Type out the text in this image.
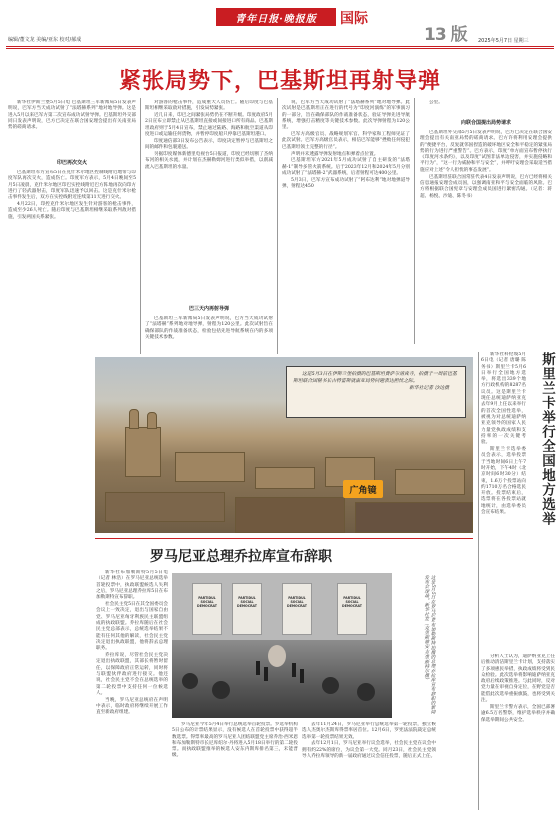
编辑/董文龙 美编/亚东 校对/郝成
青年日报·晚报版	国际
13 版 2025年5月7日 星期三
紧张局势下，巴基斯坦再射导弹

新华社伊斯兰堡5月5日电 巴基斯坦三军新闻局5日发表声明说，巴军方当天成功试射了“法塔赫系列”地对地导弹。这是进入5月以来巴军方第二次宣布成功试射导弹。巴基斯坦外交部同日发表声明说，巴方已决定在联合国安理会提出有关南亚局势的磋商请求。

印巴再次交火

巴基斯坦军方宣布5日在克什米尔地区控制线附近地带与印度军队再次交火，造成伤亡。印度军方表示，5月4日晚间至5月5日凌晨，克什米尔地区印巴实控线附近巴方阵地再次向印方进行了轻武器射击，印度军队迅速予以回击。这是克什米尔枪击事件发生后，双方在实控线附近连续第11天进行交火。

4月22日，印控克什米尔地区发生针对游客的枪击事件，造成至少26人死亡。随后印度与巴基斯坦相继采取系列敌对措施，引发两国关系紧张。

对游客的枪击事件，造成重大人员伤亡。随后印度与巴基斯坦相继采取敌对措施，引发局势紧张。

近几日来，印巴之间紧张局势仍在不断升级。印度政府5月2日宣布立即禁止从巴基斯坦直接或间接进口所有商品。巴基斯坦政府则于5月4日宣布，禁止通过陆路、海路和航空渠道从印度进口或运输任何货物，并暂停印度船只停靠巴基斯坦港口。

印度通信部3日发布公告表示，印度决定暂停与巴基斯坦之间的邮件和包裹递送。

另据印度媒体新德里电视台5日报道，印度已经切断了杰纳布河的相关水流，并计划在杰赫勒姆河进行类似举措，以削减流入巴基斯坦的水量。

巴三天内再射导弹

巴基斯坦三军新闻局5日发表声明说，巴方当天成功试射了“法塔赫”系列地对地导弹，射程为120公里。此次试射旨在确保部队的作战准备状态，检验包括先进导航系统在内的多项关键技术参数。

说，巴军方当天成功试射了“法塔赫系列”地对地导弹。此次试射是巴基斯坦正在进行的代号为“印度河演练”的军事演习的一部分，旨在确保部队的作战准备状态，验证导弹先进导航系统，增强打击精度等关键技术参数。此次导弹射程为120公里。

巴军方高级官员、战略规划军官、科学家和工程师见证了此次试射。巴军方高级官员表示，相信巴军能够“挫败任何侵犯巴基斯坦领土完整的行径”。

声明并未透露导弹发射地点和弹着点位置。

巴基斯坦军方2021年5月成功试射了自主研发的“法塔赫-1”制导多管火箭系统。后于2023年12月和2024年5月分别成功试射了“法塔赫-2”武器系统，后者射程可达400公里。

5月3日，巴军方宣布成功试射了“阿布达利”地对地弹道导弹，射程达450

公里。

向联合国提出局势请求

巴基斯坦外交部5月5日发表声明说，巴方已决定在联合国安理会提出有关南亚局势的磋商请求。巴方许将利用安理会提供的“便捷平台，反复就邻国捏造的破坏地区安全和平稳定的紧张局势的行为进行严重警告”。巴方表示，印度“单方面宣布暂停执行《印度河水条约》，以及印度”试图非法单边侵害，并实施侵略和平行为”，“这一行为威胁和平与安全”，并呼吁安理会采取适当措施应对上述“令人担忧的事态发展”。

巴基斯坦驻联合国常驻代表4日发表声明说，巴方已经将相关信息通报安理会成员国，以强调南亚和平与安全面临的风险。巴方将根据联合国宪章与安理会成员国进行紧密沟通。（记者：蒋超、杨悦、沙迪、陈冬书）

这是5月3日在伊斯兰堡拍摄的巴基斯坦费萨尔清真寺，拍摄于一周前巴基斯坦联合国秘书长古特雷斯就南亚局势问题表达担忧之际。
新华社记者 沙达摄
广角镜	斯里兰卡举行全国地方选举

新华社科伦坡5月6日电（记者 唐璐 陈务书）斯里兰卡5月6日举行全国地方选举，将选出339个地方行政机构的8287名议员。这是斯里兰卡现任总统迪萨纳亚克去年9月上任以来举行的首次全国性选举，被视为对总统迪萨纳亚克领导的国家人民力量党执政成绩和支持率的一次关键考验。

斯里兰卡选举委员会表示，选举投票于当地时间6日上午7时开始，下午4时（北京时间6时30分）结束，1.6万个投票站向约1710万名合格选民开放。投票结束后，选票将在各投票站就地统计，由选举委员会宣布结果。

分析人士认为，迪萨纳亚克上任后推动清洁斯里兰卡计划，支持落实了多项惠民举措，执政成绩将受到民众检验。此次选举将影响迪萨纳亚克政府后续政策推进。与此同时，反对党力量在审视自身定位，在野党是否能借此次选举重振旗鼓，也将受到关注。

斯里兰卡警方表示，全国已部署逾6.5万名警察，维护选举秩序并确保选举期间公共安全。

罗马尼亚总理乔拉库宣布辞职

新华社布加勒斯特5月5日电（记者 林浩）在罗马尼亚总统选举首轮投票中，执政联盟候选人失利之后，罗马尼亚总理乔拉库5日在布加勒斯特宣布辞职。

社会民主党5日在其全国委员会会议上一致决定，退出与国家自由党、罗马尼亚匈牙利族民主联盟组成的执政联盟。乔拉库随后在社会民主党总部表示，总统选举结果不能有任何其他的解读，社会民主党决定退出执政联盟，他将辞去总理职务。

乔拉库说，尽管社会民主党决定退出执政联盟，其部长将暂时留任，以保障政府正常运转，同时将与联盟伙伴政府进行接交。他还说，社会民主党不会在总统选举的第二轮投票中支持任何一位候选人。

当晚，罗马尼亚总统府在声明中表示，临时政府将继续开展工作直至新政府组建。

PARTIDUL SOCIAL DEMOCRAT
PARTIDUL SOCIAL DEMOCRAT
PARTIDUL SOCIAL DEMOCRAT
PARTIDUL SOCIAL DEMOCRAT	这是5月5日在罗马尼亚布加勒斯特拍摄的总理乔拉库宣布辞职的新闻发布会现场。新华社发（克里斯蒂安·克里斯特尔摄）

罗马尼亚今年5月4日举行总统选举首轮投票。罗选举机构5日公布的计票结果显示，没有候选人在首轮投票中获得超半数选票。得票率最高的罗马尼亚人团结联盟党主席乔治·西米恩和布加勒斯特市长尼库绍尔·丹将进入5月18日举行的第二轮投票。而执政联盟推举的候选人安东内斯库排名第三，未能晋级。

去年11月24日，罗马尼亚举行总统选举第一轮投票，独立候选人杰奥尔杰斯库得票率居首位。12月6日，罗宪法法院裁定总统选举第一轮投票结果无效。

去年12月1日，罗马尼亚举行议会选举，社会民主党在议会中拥有约22%的席位，为议会第一大党。同月23日，社会民主党领导人乔拉库领导的新一届政府通过议会信任投票，随后正式上任。
